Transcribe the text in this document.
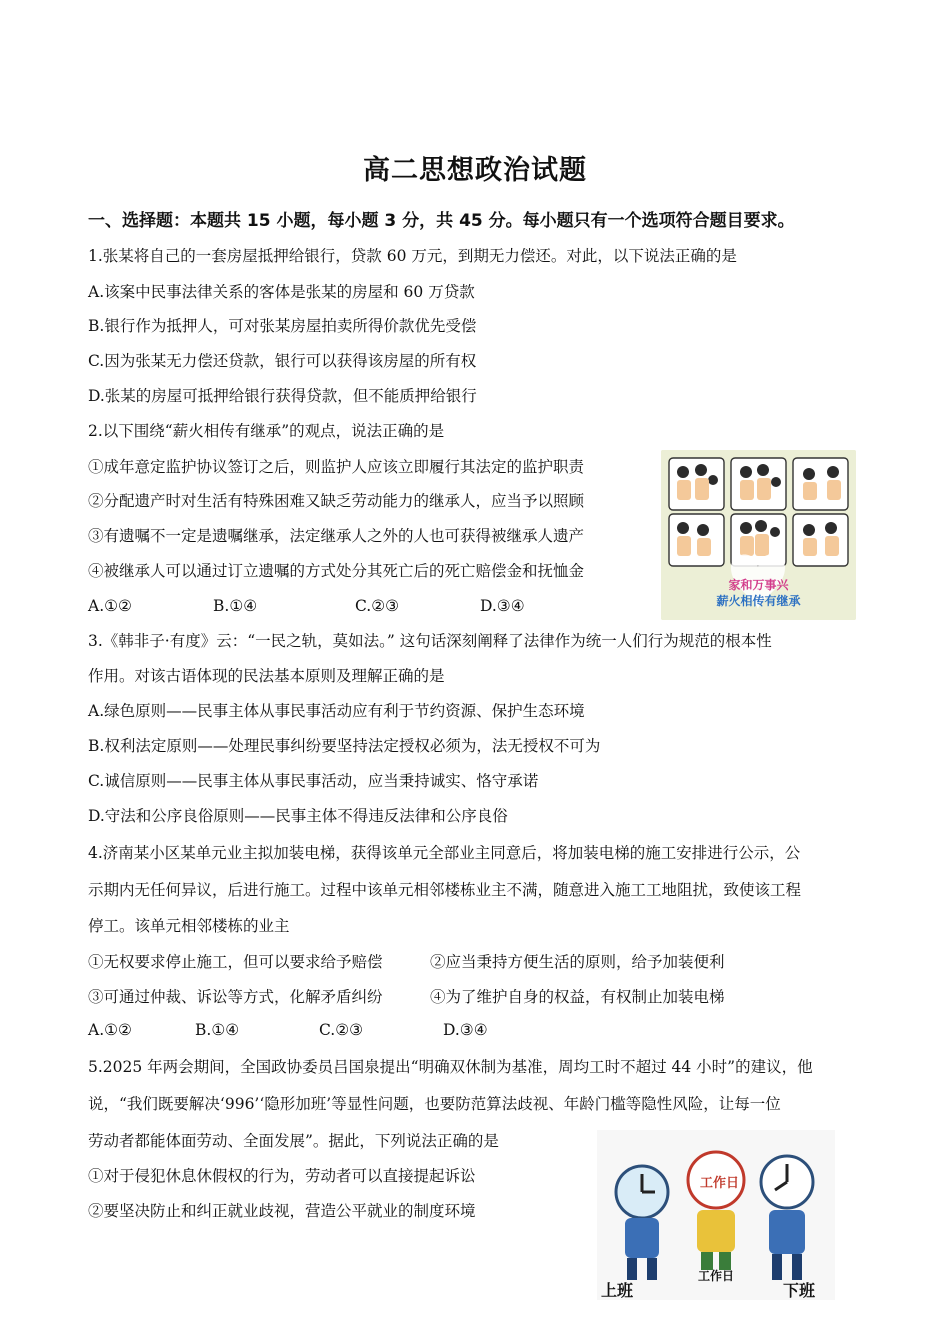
高二思想政治试题
一、选择题：本题共 15 小题，每小题 3 分，共 45 分。每小题只有一个选项符合题目要求。
1.张某将自己的一套房屋抵押给银行，贷款 60 万元，到期无力偿还。对此，以下说法正确的是
A.该案中民事法律关系的客体是张某的房屋和 60 万贷款
B.银行作为抵押人，可对张某房屋拍卖所得价款优先受偿
C.因为张某无力偿还贷款，银行可以获得该房屋的所有权
D.张某的房屋可抵押给银行获得贷款，但不能质押给银行
2.以下围绕“薪火相传有继承”的观点，说法正确的是
①成年意定监护协议签订之后，则监护人应该立即履行其法定的监护职责
②分配遗产时对生活有特殊困难又缺乏劳动能力的继承人，应当予以照顾
③有遗嘱不一定是遗嘱继承，法定继承人之外的人也可获得被继承人遗产
④被继承人可以通过订立遗嘱的方式处分其死亡后的死亡赔偿金和抚恤金
A.①②	B.①④	C.②③	D.③④
家和万事兴
薪火相传有继承
3.《韩非子·有度》云：“一民之轨，莫如法。” 这句话深刻阐释了法律作为统一人们行为规范的根本性
作用。对该古语体现的民法基本原则及理解正确的是
A.绿色原则——民事主体从事民事活动应有利于节约资源、保护生态环境
B.权利法定原则——处理民事纠纷要坚持法定授权必须为，法无授权不可为
C.诚信原则——民事主体从事民事活动，应当秉持诚实、恪守承诺
D.守法和公序良俗原则——民事主体不得违反法律和公序良俗
4.济南某小区某单元业主拟加装电梯，获得该单元全部业主同意后，将加装电梯的施工安排进行公示，公
示期内无任何异议，后进行施工。过程中该单元相邻楼栋业主不满，随意进入施工工地阻扰，致使该工程
停工。该单元相邻楼栋的业主
①无权要求停止施工，但可以要求给予赔偿	②应当秉持方便生活的原则，给予加装便利
③可通过仲裁、诉讼等方式，化解矛盾纠纷	④为了维护自身的权益，有权制止加装电梯
A.①②	B.①④	C.②③	D.③④
5.2025 年两会期间，全国政协委员吕国泉提出“明确双休制为基准，周均工时不超过 44 小时”的建议，他
说，“我们既要解决‘996’‘隐形加班’等显性问题，也要防范算法歧视、年龄门槛等隐性风险，让每一位
劳动者都能体面劳动、全面发展”。据此，下列说法正确的是
①对于侵犯休息休假权的行为，劳动者可以直接提起诉讼
②要坚决防止和纠正就业歧视，营造公平就业的制度环境
工作日
工作日
上班	下班
